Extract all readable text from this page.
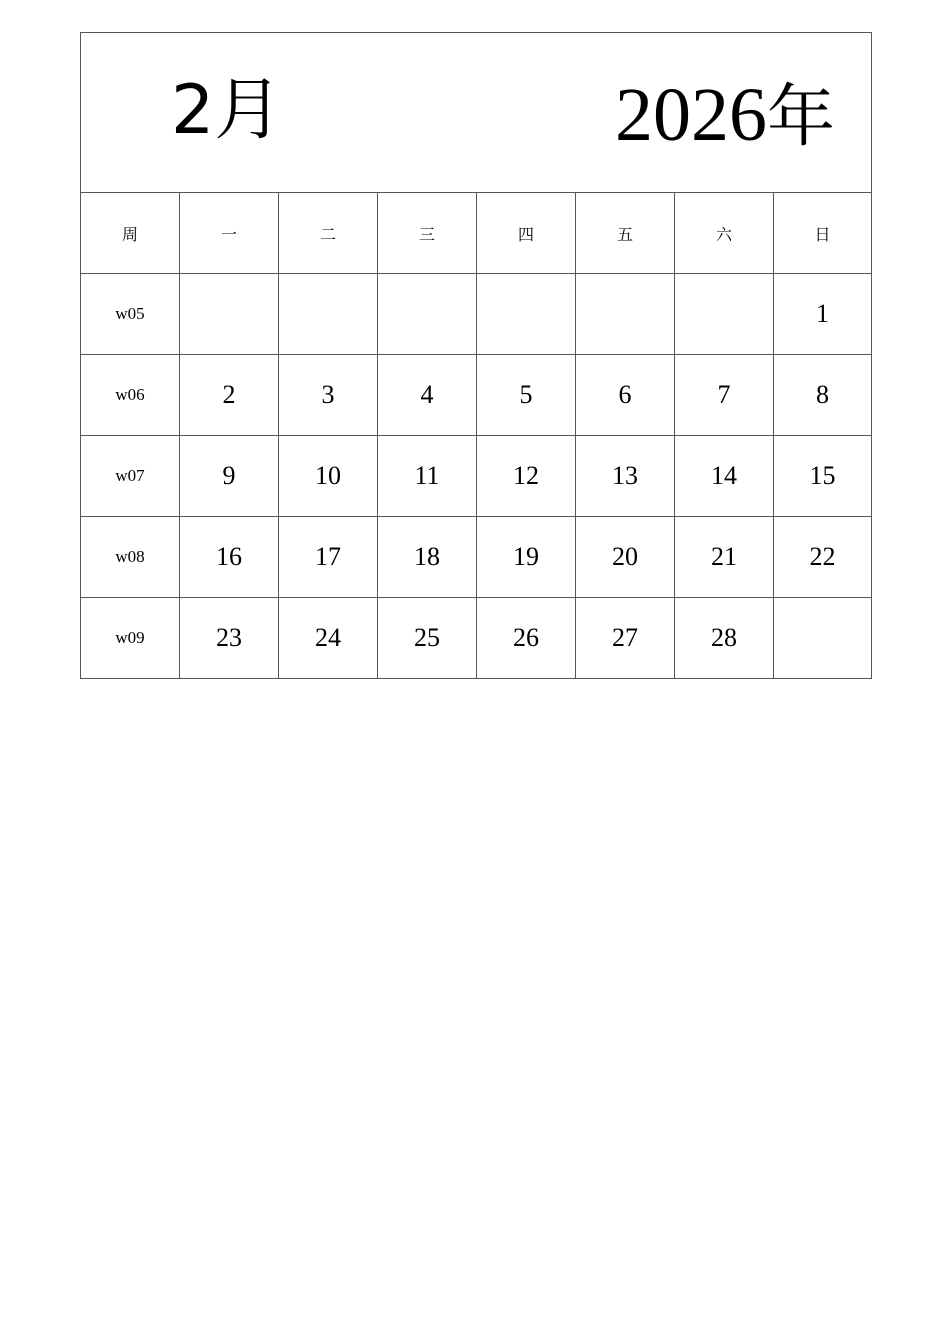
2月 2026年							

周	一	二	三	四	五	六	日
w05							1
w06	2	3	4	5	6	7	8
w07	9	10	11	12	13	14	15
w08	16	17	18	19	20	21	22
w09	23	24	25	26	27	28	
